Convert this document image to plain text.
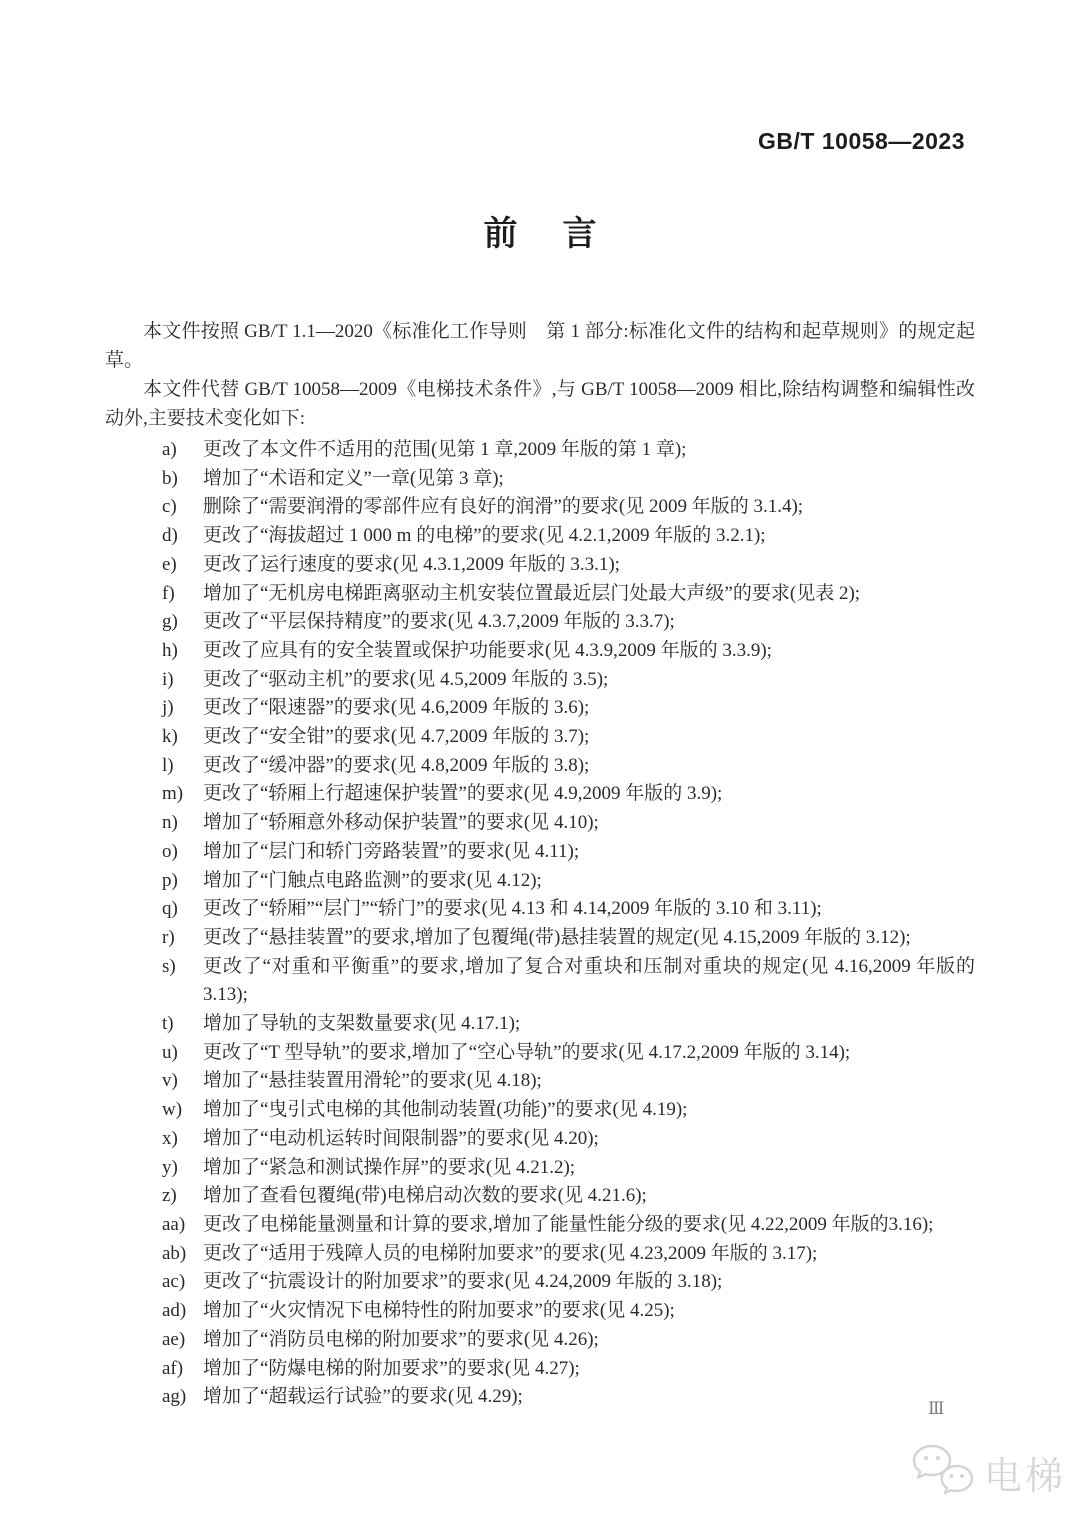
GB/T 10058—2023
前 言

本文件按照 GB/T 1.1—2020《标准化工作导则　第 1 部分:标准化文件的结构和起草规则》的规定起草。

本文件代替 GB/T 10058—2009《电梯技术条件》,与 GB/T 10058—2009 相比,除结构调整和编辑性改动外,主要技术变化如下:

a)	更改了本文件不适用的范围(见第 1 章,2009 年版的第 1 章);
b)	增加了“术语和定义”一章(见第 3 章);
c)	删除了“需要润滑的零部件应有良好的润滑”的要求(见 2009 年版的 3.1.4);
d)	更改了“海拔超过 1 000 m 的电梯”的要求(见 4.2.1,2009 年版的 3.2.1);
e)	更改了运行速度的要求(见 4.3.1,2009 年版的 3.3.1);
f)	增加了“无机房电梯距离驱动主机安装位置最近层门处最大声级”的要求(见表 2);
g)	更改了“平层保持精度”的要求(见 4.3.7,2009 年版的 3.3.7);
h)	更改了应具有的安全装置或保护功能要求(见 4.3.9,2009 年版的 3.3.9);
i)	更改了“驱动主机”的要求(见 4.5,2009 年版的 3.5);
j)	更改了“限速器”的要求(见 4.6,2009 年版的 3.6);
k)	更改了“安全钳”的要求(见 4.7,2009 年版的 3.7);
l)	更改了“缓冲器”的要求(见 4.8,2009 年版的 3.8);
m)	更改了“轿厢上行超速保护装置”的要求(见 4.9,2009 年版的 3.9);
n)	增加了“轿厢意外移动保护装置”的要求(见 4.10);
o)	增加了“层门和轿门旁路装置”的要求(见 4.11);
p)	增加了“门触点电路监测”的要求(见 4.12);
q)	更改了“轿厢”“层门”“轿门”的要求(见 4.13 和 4.14,2009 年版的 3.10 和 3.11);
r)	更改了“悬挂装置”的要求,增加了包覆绳(带)悬挂装置的规定(见 4.15,2009 年版的 3.12);
s)	更改了“对重和平衡重”的要求,增加了复合对重块和压制对重块的规定(见 4.16,2009 年版的 3.13);
t)	增加了导轨的支架数量要求(见 4.17.1);
u)	更改了“T 型导轨”的要求,增加了“空心导轨”的要求(见 4.17.2,2009 年版的 3.14);
v)	增加了“悬挂装置用滑轮”的要求(见 4.18);
w)	增加了“曳引式电梯的其他制动装置(功能)”的要求(见 4.19);
x)	增加了“电动机运转时间限制器”的要求(见 4.20);
y)	增加了“紧急和测试操作屏”的要求(见 4.21.2);
z)	增加了查看包覆绳(带)电梯启动次数的要求(见 4.21.6);
aa) 更改了电梯能量测量和计算的要求,增加了能量性能分级的要求(见 4.22,2009 年版的3.16);
ab) 更改了“适用于残障人员的电梯附加要求”的要求(见 4.23,2009 年版的 3.17);
ac) 更改了“抗震设计的附加要求”的要求(见 4.24,2009 年版的 3.18);
ad) 增加了“火灾情况下电梯特性的附加要求”的要求(见 4.25);
ae) 增加了“消防员电梯的附加要求”的要求(见 4.26);
af)	增加了“防爆电梯的附加要求”的要求(见 4.27);
ag) 增加了“超载运行试验”的要求(见 4.29);
Ⅲ
电梯
